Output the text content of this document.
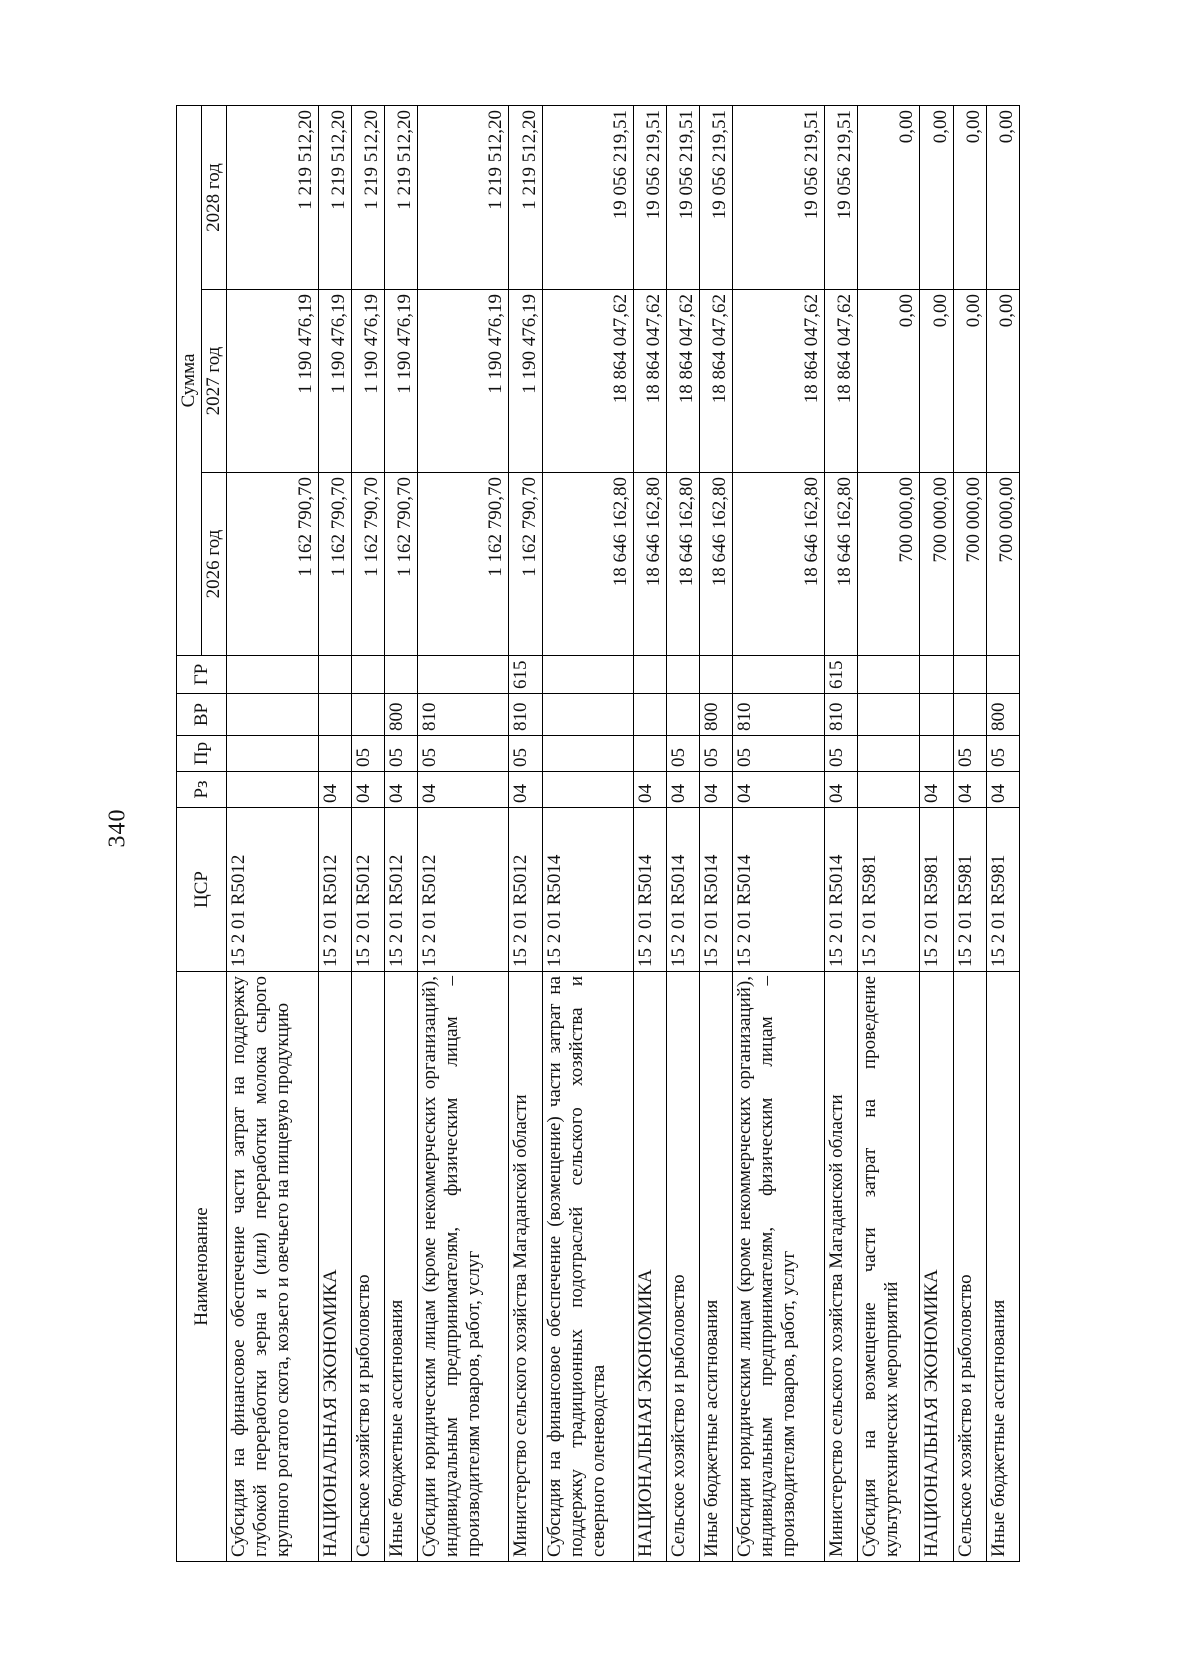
340
Наименование	ЦСР	Рз	Пр	ВР	ГР	Сумма		
						2026 год	2027 год	2028 год
Субсидия на финансовое обеспечение части затрат на поддержку глубокой переработки зерна и (или) переработки молока сырого крупного рогатого скота, козьего и овечьего на пищевую продукцию	15 2 01 R5012					1 162 790,70	1 190 476,19	1 219 512,20
НАЦИОНАЛЬНАЯ ЭКОНОМИКА	15 2 01 R5012	04				1 162 790,70	1 190 476,19	1 219 512,20
Сельское хозяйство и рыболовство	15 2 01 R5012	04	05			1 162 790,70	1 190 476,19	1 219 512,20
Иные бюджетные ассигнования	15 2 01 R5012	04	05	800		1 162 790,70	1 190 476,19	1 219 512,20
Субсидии юридическим лицам (кроме некоммерческих организаций), индивидуальным предпринимателям, физическим лицам – производителям товаров, работ, услуг	15 2 01 R5012	04	05	810		1 162 790,70	1 190 476,19	1 219 512,20
Министерство сельского хозяйства Магаданской области	15 2 01 R5012	04	05	810	615	1 162 790,70	1 190 476,19	1 219 512,20
Субсидия на финансовое обеспечение (возмещение) части затрат на поддержку традиционных подотраслей сельского хозяйства и северного оленеводства	15 2 01 R5014					18 646 162,80	18 864 047,62	19 056 219,51
НАЦИОНАЛЬНАЯ ЭКОНОМИКА	15 2 01 R5014	04				18 646 162,80	18 864 047,62	19 056 219,51
Сельское хозяйство и рыболовство	15 2 01 R5014	04	05			18 646 162,80	18 864 047,62	19 056 219,51
Иные бюджетные ассигнования	15 2 01 R5014	04	05	800		18 646 162,80	18 864 047,62	19 056 219,51
Субсидии юридическим лицам (кроме некоммерческих организаций), индивидуальным предпринимателям, физическим лицам – производителям товаров, работ, услуг	15 2 01 R5014	04	05	810		18 646 162,80	18 864 047,62	19 056 219,51
Министерство сельского хозяйства Магаданской области	15 2 01 R5014	04	05	810	615	18 646 162,80	18 864 047,62	19 056 219,51
Субсидия на возмещение части затрат на проведение культуртехнических мероприятий	15 2 01 R5981					700 000,00	0,00	0,00
НАЦИОНАЛЬНАЯ ЭКОНОМИКА	15 2 01 R5981	04				700 000,00	0,00	0,00
Сельское хозяйство и рыболовство	15 2 01 R5981	04	05			700 000,00	0,00	0,00
Иные бюджетные ассигнования	15 2 01 R5981	04	05	800		700 000,00	0,00	0,00
